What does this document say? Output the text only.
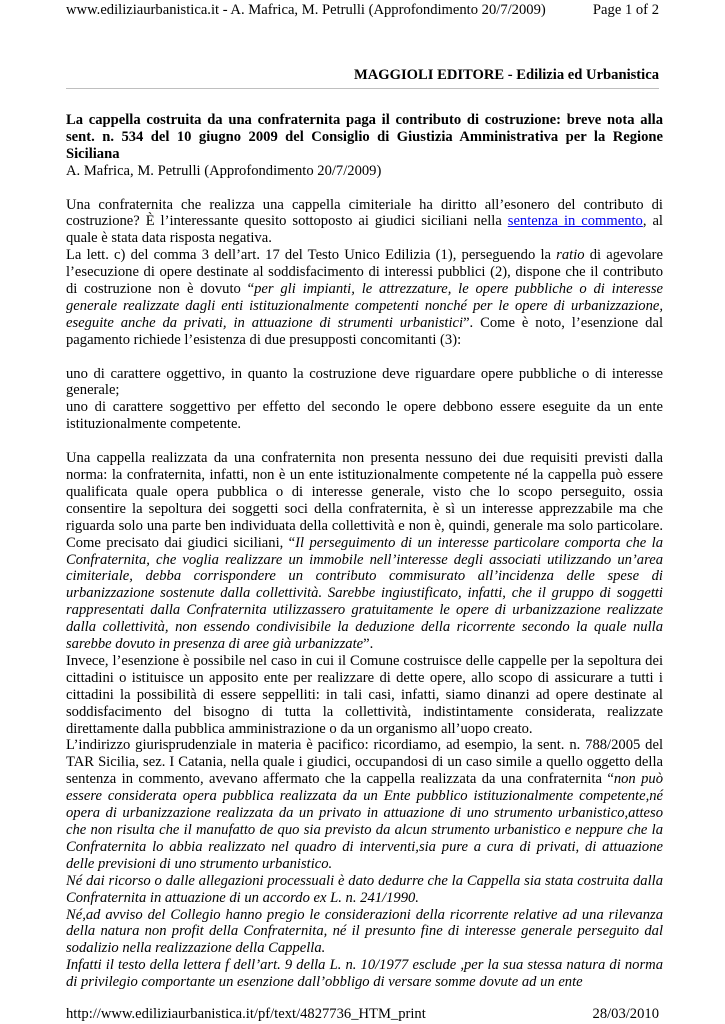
www.ediliziaurbanistica.it - A. Mafrica, M. Petrulli (Approfondimento 20/7/2009)	Page 1 of 2
MAGGIOLI EDITORE - Edilizia ed Urbanistica

La cappella costruita da una confraternita paga il contributo di costruzione: breve nota alla sent. n. 534 del 10 giugno 2009 del Consiglio di Giustizia Amministrativa per la Regione Siciliana

A. Mafrica, M. Petrulli (Approfondimento 20/7/2009)

Una confraternita che realizza una cappella cimiteriale ha diritto all’esonero del contributo di costruzione? È l’interessante quesito sottoposto ai giudici siciliani nella sentenza in commento, al quale è stata data risposta negativa.

La lett. c) del comma 3 dell’art. 17 del Testo Unico Edilizia (1), perseguendo la ratio di agevolare l’esecuzione di opere destinate al soddisfacimento di interessi pubblici (2), dispone che il contributo di costruzione non è dovuto “per gli impianti, le attrezzature, le opere pubbliche o di interesse generale realizzate dagli enti istituzionalmente competenti nonché per le opere di urbanizzazione, eseguite anche da privati, in attuazione di strumenti urbanistici”. Come è noto, l’esenzione dal pagamento richiede l’esistenza di due presupposti concomitanti (3):

uno di carattere oggettivo, in quanto la costruzione deve riguardare opere pubbliche o di interesse generale;

uno di carattere soggettivo per effetto del secondo le opere debbono essere eseguite da un ente istituzionalmente competente.

Una cappella realizzata da una confraternita non presenta nessuno dei due requisiti previsti dalla norma: la confraternita, infatti, non è un ente istituzionalmente competente né la cappella può essere qualificata quale opera pubblica o di interesse generale, visto che lo scopo perseguito, ossia consentire la sepoltura dei soggetti soci della confraternita, è sì un interesse apprezzabile ma che riguarda solo una parte ben individuata della collettività e non è, quindi, generale ma solo particolare. Come precisato dai giudici siciliani, “Il perseguimento di un interesse particolare comporta che la Confraternita, che voglia realizzare un immobile nell’interesse degli associati utilizzando un’area cimiteriale, debba corrispondere un contributo commisurato all’incidenza delle spese di urbanizzazione sostenute dalla collettività. Sarebbe ingiustificato, infatti, che il gruppo di soggetti rappresentati dalla Confraternita utilizzassero gratuitamente le opere di urbanizzazione realizzate dalla collettività, non essendo condivisibile la deduzione della ricorrente secondo la quale nulla sarebbe dovuto in presenza di aree già urbanizzate”.

Invece, l’esenzione è possibile nel caso in cui il Comune costruisce delle cappelle per la sepoltura dei cittadini o istituisce un apposito ente per realizzare di dette opere, allo scopo di assicurare a tutti i cittadini la possibilità di essere seppelliti: in tali casi, infatti, siamo dinanzi ad opere destinate al soddisfacimento del bisogno di tutta la collettività, indistintamente considerata, realizzate direttamente dalla pubblica amministrazione o da un organismo all’uopo creato.

L’indirizzo giurisprudenziale in materia è pacifico: ricordiamo, ad esempio, la sent. n. 788/2005 del TAR Sicilia, sez. I Catania, nella quale i giudici, occupandosi di un caso simile a quello oggetto della sentenza in commento, avevano affermato che la cappella realizzata da una confraternita “non può essere considerata opera pubblica realizzata da un Ente pubblico istituzionalmente competente,né opera di urbanizzazione realizzata da un privato in attuazione di uno strumento urbanistico,atteso che non risulta che il manufatto de quo sia previsto da alcun strumento urbanistico e neppure che la Confraternita lo abbia realizzato nel quadro di interventi,sia pure a cura di privati, di attuazione delle previsioni di uno strumento urbanistico.

Né dai ricorso o dalle allegazioni processuali è dato dedurre che la Cappella sia stata costruita dalla Confraternita in attuazione di un accordo ex L. n. 241/1990.

Né,ad avviso del Collegio hanno pregio le considerazioni della ricorrente relative ad una rilevanza della natura non profit della Confraternita, né il presunto fine di interesse generale perseguito dal sodalizio nella realizzazione della Cappella.

Infatti il testo della lettera f dell’art. 9 della L. n. 10/1977 esclude ,per la sua stessa natura di norma di privilegio comportante un esenzione dall’obbligo di versare somme dovute ad un ente

http://www.ediliziaurbanistica.it/pf/text/4827736_HTM_print	28/03/2010
